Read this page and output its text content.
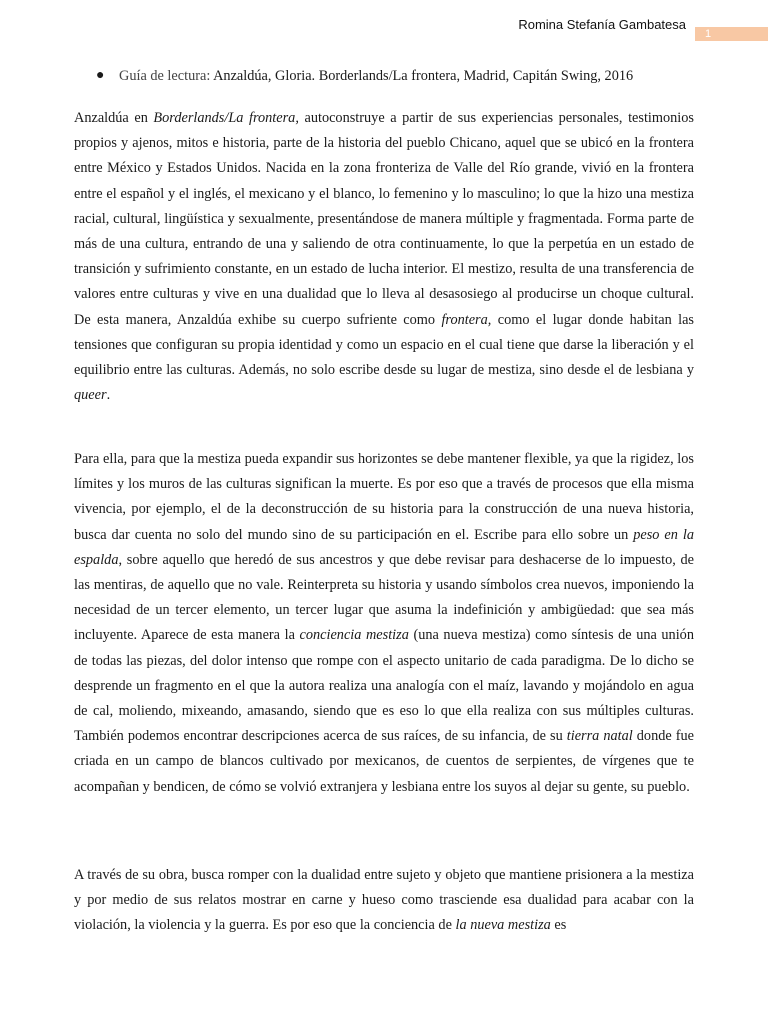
Romina Stefanía Gambatesa
1
● Guía de lectura: Anzaldúa, Gloria. Borderlands/La frontera, Madrid, Capitán Swing, 2016

Anzaldúa en Borderlands/La frontera, autoconstruye a partir de sus experiencias personales, testimonios propios y ajenos, mitos e historia, parte de la historia del pueblo Chicano, aquel que se ubicó en la frontera entre México y Estados Unidos. Nacida en la zona fronteriza de Valle del Río grande, vivió en la frontera entre el español y el inglés, el mexicano y el blanco, lo femenino y lo masculino; lo que la hizo una mestiza racial, cultural, lingüística y sexualmente, presentándose de manera múltiple y fragmentada. Forma parte de más de una cultura, entrando de una y saliendo de otra continuamente, lo que la perpetúa en un estado de transición y sufrimiento constante, en un estado de lucha interior. El mestizo, resulta de una transferencia de valores entre culturas y vive en una dualidad que lo lleva al desasosiego al producirse un choque cultural. De esta manera, Anzaldúa exhibe su cuerpo sufriente como frontera, como el lugar donde habitan las tensiones que configuran su propia identidad y como un espacio en el cual tiene que darse la liberación y el equilibrio entre las culturas. Además, no solo escribe desde su lugar de mestiza, sino desde el de lesbiana y queer.

Para ella, para que la mestiza pueda expandir sus horizontes se debe mantener flexible, ya que la rigidez, los límites y los muros de las culturas significan la muerte. Es por eso que a través de procesos que ella misma vivencia, por ejemplo, el de la deconstrucción de su historia para la construcción de una nueva historia, busca dar cuenta no solo del mundo sino de su participación en el. Escribe para ello sobre un peso en la espalda, sobre aquello que heredó de sus ancestros y que debe revisar para deshacerse de lo impuesto, de las mentiras, de aquello que no vale. Reinterpreta su historia y usando símbolos crea nuevos, imponiendo la necesidad de un tercer elemento, un tercer lugar que asuma la indefinición y ambigüedad: que sea más incluyente. Aparece de esta manera la conciencia mestiza (una nueva mestiza) como síntesis de una unión de todas las piezas, del dolor intenso que rompe con el aspecto unitario de cada paradigma. De lo dicho se desprende un fragmento en el que la autora realiza una analogía con el maíz, lavando y mojándolo en agua de cal, moliendo, mixeando, amasando, siendo que es eso lo que ella realiza con sus múltiples culturas. También podemos encontrar descripciones acerca de sus raíces, de su infancia, de su tierra natal donde fue criada en un campo de blancos cultivado por mexicanos, de cuentos de serpientes, de vírgenes que te acompañan y bendicen, de cómo se volvió extranjera y lesbiana entre los suyos al dejar su gente, su pueblo.

A través de su obra, busca romper con la dualidad entre sujeto y objeto que mantiene prisionera a la mestiza y por medio de sus relatos mostrar en carne y hueso como trasciende esa dualidad para acabar con la violación, la violencia y la guerra. Es por eso que la conciencia de la nueva mestiza es
